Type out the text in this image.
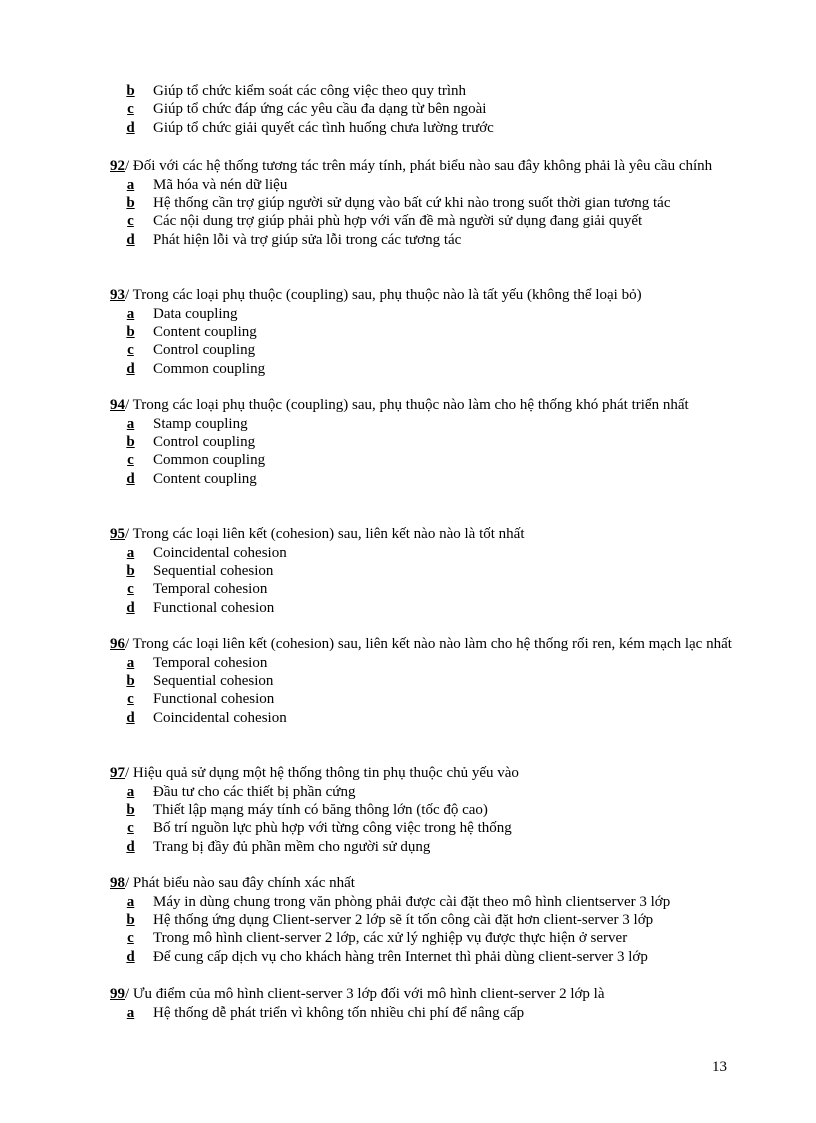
b Giúp tổ chức kiểm soát các công việc theo quy trình
c Giúp tổ chức đáp ứng các yêu cầu đa dạng từ bên ngoài
d Giúp tổ chức giải quyết các tình huống chưa lường trước

92/ Đối với các hệ thống tương tác trên máy tính, phát biểu nào sau đây không phải là yêu cầu chính

a Mã hóa và nén dữ liệu
b Hệ thống cần trợ giúp người sử dụng vào bất cứ khi nào trong suốt thời gian tương tác
c Các nội dung trợ giúp phải phù hợp với vấn đề mà người sử dụng đang giải quyết
d Phát hiện lỗi và trợ giúp sửa lỗi trong các tương tác

93/ Trong các loại phụ thuộc (coupling) sau, phụ thuộc nào là tất yếu (không thể loại bỏ)

a Data coupling
b Content coupling
c Control coupling
d Common coupling

94/ Trong các loại phụ thuộc (coupling) sau, phụ thuộc nào làm cho hệ thống khó phát triển nhất

a Stamp coupling
b Control coupling
c Common coupling
d Content coupling

95/ Trong các loại liên kết (cohesion) sau, liên kết nào nào là tốt nhất

a Coincidental cohesion
b Sequential cohesion
c Temporal cohesion
d Functional cohesion

96/ Trong các loại liên kết (cohesion) sau, liên kết nào nào làm cho hệ thống rối ren, kém mạch lạc nhất

a Temporal cohesion
b Sequential cohesion
c Functional cohesion
d Coincidental cohesion

97/ Hiệu quả sử dụng một hệ thống thông tin phụ thuộc chủ yếu vào

a Đầu tư cho các thiết bị phần cứng
b Thiết lập mạng máy tính có băng thông lớn (tốc độ cao)
c Bố trí nguồn lực phù hợp với từng công việc trong hệ thống
d Trang bị đầy đủ phần mềm cho người sử dụng

98/ Phát biểu nào sau đây chính xác nhất

a Máy in dùng chung trong văn phòng phải được cài đặt theo mô hình clientserver 3 lớp
b Hệ thống ứng dụng Client-server 2 lớp sẽ ít tốn công cài đặt hơn client-server 3 lớp
c Trong mô hình client-server 2 lớp, các xử lý nghiệp vụ được thực hiện ở server
d Để cung cấp dịch vụ cho khách hàng trên Internet thì phải dùng client-server 3 lớp

99/ Ưu điểm của mô hình client-server 3 lớp đối với mô hình client-server 2 lớp là

a Hệ thống dễ phát triển vì không tốn nhiều chi phí để nâng cấp
13
